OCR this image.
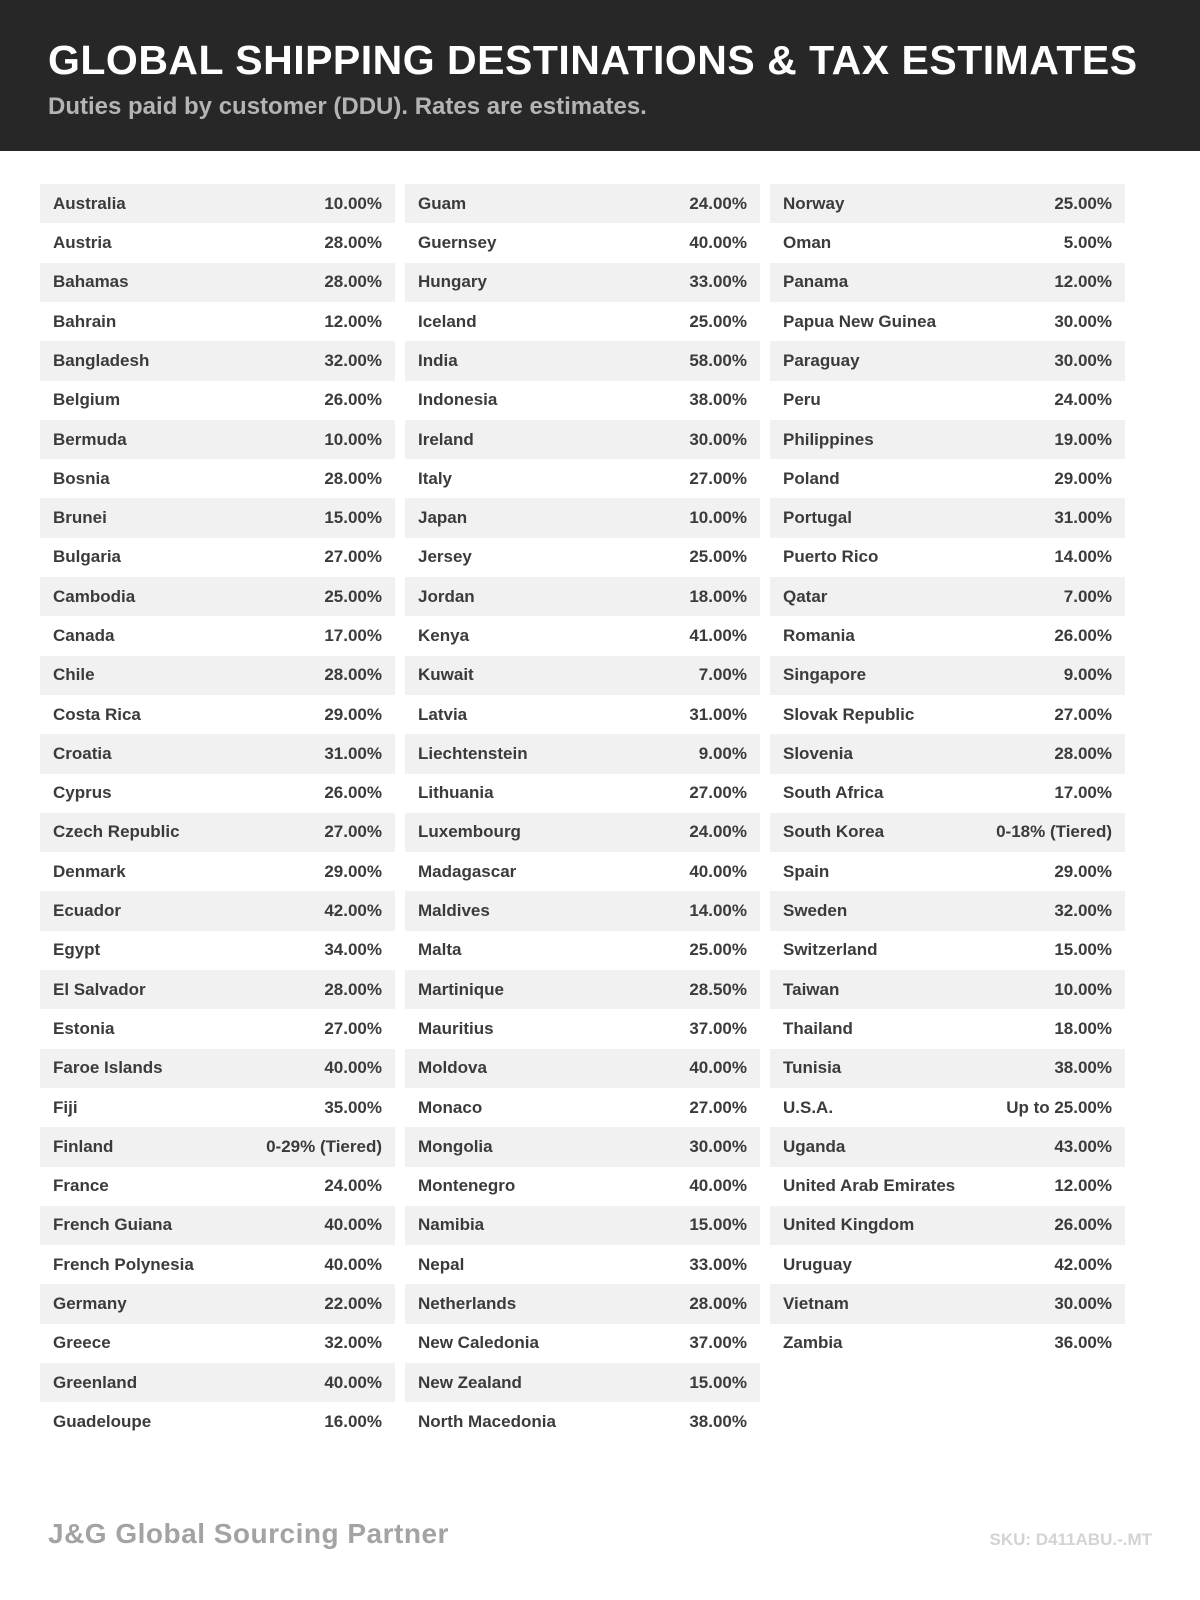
GLOBAL SHIPPING DESTINATIONS & TAX ESTIMATES
Duties paid by customer (DDU). Rates are estimates.
Australia	10.00%
Austria	28.00%
Bahamas	28.00%
Bahrain	12.00%
Bangladesh	32.00%
Belgium	26.00%
Bermuda	10.00%
Bosnia	28.00%
Brunei	15.00%
Bulgaria	27.00%
Cambodia	25.00%
Canada	17.00%
Chile	28.00%
Costa Rica	29.00%
Croatia	31.00%
Cyprus	26.00%
Czech Republic	27.00%
Denmark	29.00%
Ecuador	42.00%
Egypt	34.00%
El Salvador	28.00%
Estonia	27.00%
Faroe Islands	40.00%
Fiji	35.00%
Finland	0-29% (Tiered)
France	24.00%
French Guiana	40.00%
French Polynesia	40.00%
Germany	22.00%
Greece	32.00%
Greenland	40.00%
Guadeloupe	16.00%
Guam	24.00%
Guernsey	40.00%
Hungary	33.00%
Iceland	25.00%
India	58.00%
Indonesia	38.00%
Ireland	30.00%
Italy	27.00%
Japan	10.00%
Jersey	25.00%
Jordan	18.00%
Kenya	41.00%
Kuwait	7.00%
Latvia	31.00%
Liechtenstein	9.00%
Lithuania	27.00%
Luxembourg	24.00%
Madagascar	40.00%
Maldives	14.00%
Malta	25.00%
Martinique	28.50%
Mauritius	37.00%
Moldova	40.00%
Monaco	27.00%
Mongolia	30.00%
Montenegro	40.00%
Namibia	15.00%
Nepal	33.00%
Netherlands	28.00%
New Caledonia	37.00%
New Zealand	15.00%
North Macedonia	38.00%
Norway	25.00%
Oman	5.00%
Panama	12.00%
Papua New Guinea	30.00%
Paraguay	30.00%
Peru	24.00%
Philippines	19.00%
Poland	29.00%
Portugal	31.00%
Puerto Rico	14.00%
Qatar	7.00%
Romania	26.00%
Singapore	9.00%
Slovak Republic	27.00%
Slovenia	28.00%
South Africa	17.00%
South Korea	0-18% (Tiered)
Spain	29.00%
Sweden	32.00%
Switzerland	15.00%
Taiwan	10.00%
Thailand	18.00%
Tunisia	38.00%
U.S.A.	Up to 25.00%
Uganda	43.00%
United Arab Emirates	12.00%
United Kingdom	26.00%
Uruguay	42.00%
Vietnam	30.00%
Zambia	36.00%
J&G Global Sourcing Partner	SKU: D411ABU.-.MT
